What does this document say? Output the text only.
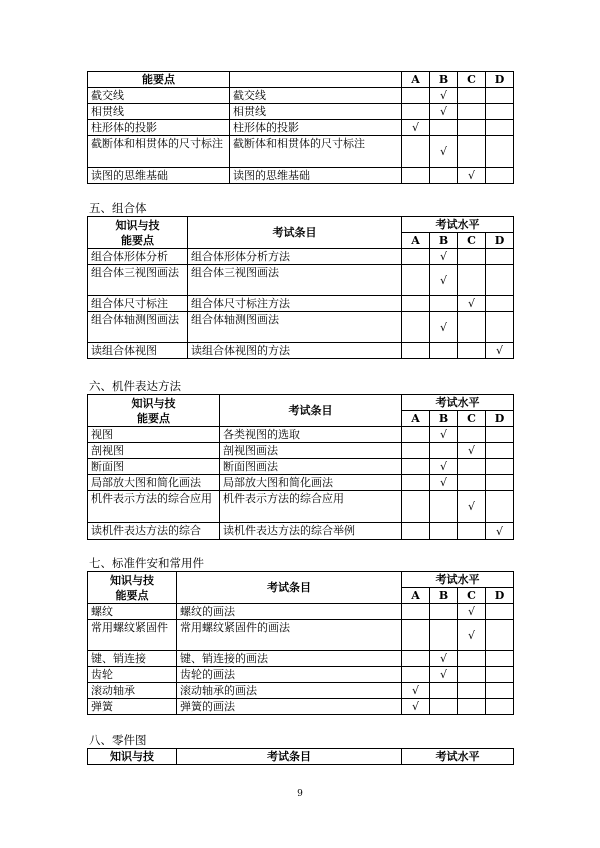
能要点		A	B	C	D
截交线	截交线		√		
相贯线	相贯线		√		
柱形体的投影	柱形体的投影	√			
截断体和相贯体的尺寸标注	截断体和相贯体的尺寸标注		√		
读图的思维基础	读图的思维基础			√	

五、组合体

知识与技
能要点	考试条目	考试水平			
		A	B	C	D
组合体形体分析	组合体形体分析方法		√		
组合体三视图画法	组合体三视图画法		√		
组合体尺寸标注	组合体尺寸标注方法			√	
组合体轴测图画法	组合体轴测图画法		√		
读组合体视图	读组合体视图的方法				√

六、机件表达方法

知识与技
能要点	考试条目	考试水平			
		A	B	C	D
视图	各类视图的选取		√		
剖视图	剖视图画法			√	
断面图	断面图画法		√		
局部放大图和简化画法	局部放大图和简化画法		√		
机件表示方法的综合应用	机件表示方法的综合应用			√	
读机件表达方法的综合	读机件表达方法的综合举例				√

七、标准件安和常用件

知识与技
能要点	考试条目	考试水平			
		A	B	C	D
螺纹	螺纹的画法			√	
常用螺纹紧固件	常用螺纹紧固件的画法			√	
键、销连接	键、销连接的画法		√		
齿轮	齿轮的画法		√		
滚动轴承	滚动轴承的画法	√			
弹簧	弹簧的画法	√			

八、零件图

知识与技	考试条目	考试水平
9
